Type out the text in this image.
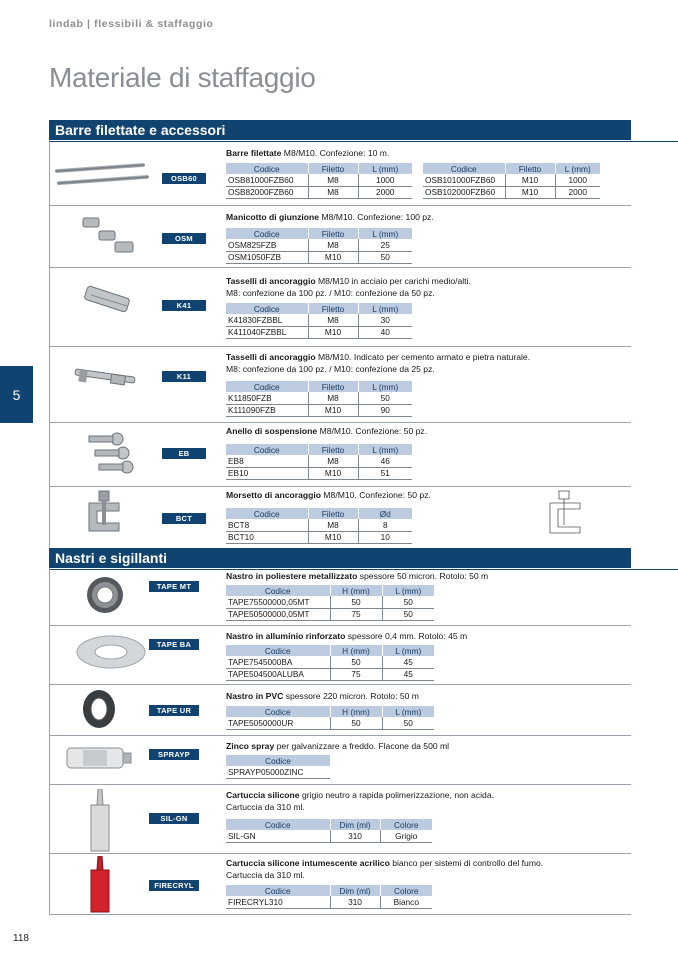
lindab | flessibili & staffaggio
Materiale di staffaggio
5
118
Barre filettate e accessori
OSB60
Barre filettate M8/M10. Confezione: 10 m.
Codice	Filetto	L (mm)
OSB81000FZB60	M8	1000
OSB82000FZB60	M8	2000
Codice	Filetto	L (mm)
OSB101000FZB60	M10	1000
OSB102000FZB60	M10	2000
OSM
Manicotto di giunzione M8/M10. Confezione: 100 pz.
Codice	Filetto	L (mm)
OSM825FZB	M8	25
OSM1050FZB	M10	50
K41
Tasselli di ancoraggio M8/M10 in acciaio per carichi medio/alti.
M8: confezione da 100 pz. / M10: confezione da 50 pz.
Codice	Filetto	L (mm)
K41830FZBBL	M8	30
K411040FZBBL	M10	40
K11
Tasselli di ancoraggio M8/M10. Indicato per cemento armato e pietra naturale.
M8: confezione da 100 pz. / M10: confezione da 25 pz.
Codice	Filetto	L (mm)
K11850FZB	M8	50
K111090FZB	M10	90
EB
Anello di sospensione M8/M10. Confezione: 50 pz.
Codice	Filetto	L (mm)
EB8	M8	46
EB10	M10	51
BCT
Morsetto di ancoraggio M8/M10. Confezione: 50 pz.
Codice	Filetto	Ød
BCT8	M8	8
BCT10	M10	10
Nastri e sigillanti
TAPE MT
Nastro in poliestere metallizzato spessore 50 micron. Rotolo: 50 m
Codice	H (mm)	L (mm)
TAPE75500000,05MT	50	50
TAPE50500000,05MT	75	50
TAPE BA
Nastro in alluminio rinforzato spessore 0,4 mm. Rotolo: 45 m
Codice	H (mm)	L (mm)
TAPE7545000BA	50	45
TAPE504500ALUBA	75	45
TAPE UR
Nastro in PVC spessore 220 micron. Rotolo: 50 m
Codice	H (mm)	L (mm)
TAPE5050000UR	50	50
SPRAYP
Zinco spray per galvanizzare a freddo. Flacone da 500 ml
Codice
SPRAYP05000ZINC
SIL-GN
Cartuccia silicone grigio neutro a rapida polimerizzazione, non acida.
Cartuccia da 310 ml.
Codice	Dim (ml)	Colore
SIL-GN	310	Grigio
FIRECRYL
Cartuccia silicone intumescente acrilico bianco per sistemi di controllo del fumo.
Cartuccia da 310 ml.
Codice	Dim (ml)	Colore
FIRECRYL310	310	Bianco
